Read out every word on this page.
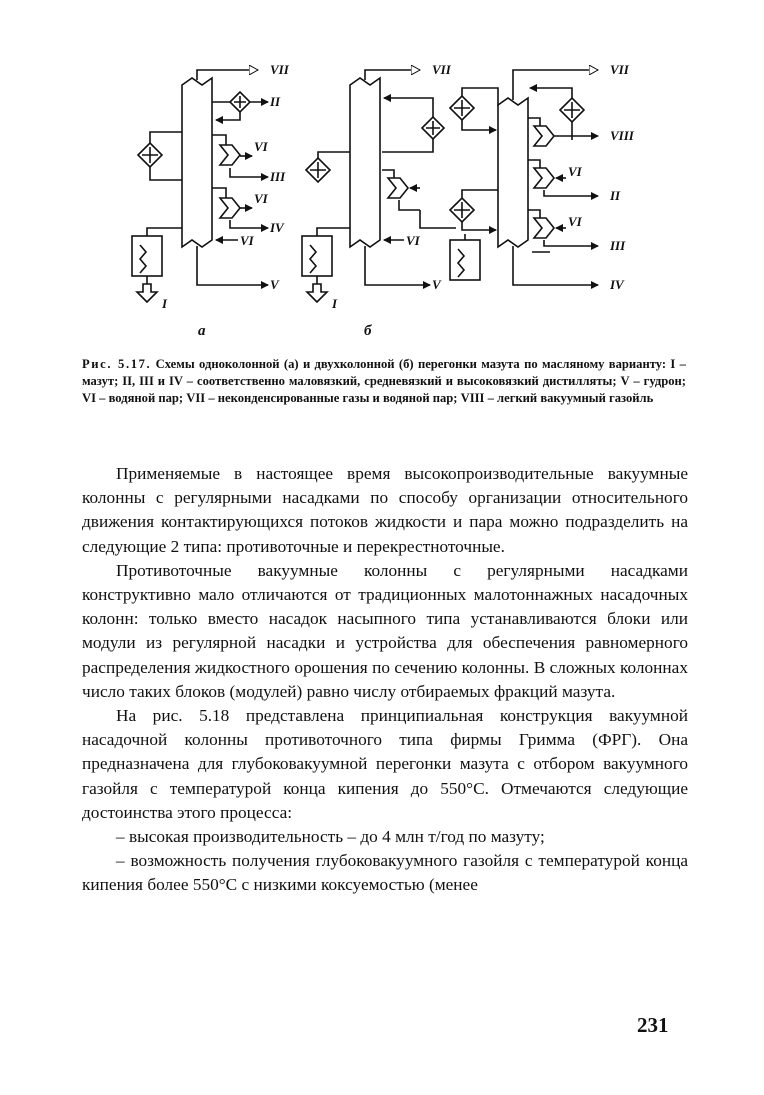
VII
II
VI
III
VI
IV
VI
V
I
а
VII
VI
V
I
б
VII
VIII
VI
II
VI
III
IV
Рис. 5.17. Схемы одноколонной (а) и двухколонной (б) перегонки мазута по масляному варианту: I – мазут; II, III и IV – соответственно маловязкий, средневязкий и высоковязкий дистилляты; V – гудрон; VI – водяной пар; VII – неконденсированные газы и водяной пар; VIII – легкий вакуумный газойль

Применяемые в настоящее время высокопроизводительные вакуумные колонны с регулярными насадками по способу организации относительного движения контактирующихся потоков жидкости и пара можно подразделить на следующие 2 типа: противоточные и перекрестноточные.

Противоточные вакуумные колонны с регулярными насадками конструктивно мало отличаются от традиционных малотоннажных насадочных колонн: только вместо насадок насыпного типа устанавливаются блоки или модули из регулярной насадки и устройства для обеспечения равномерного распределения жидкостного орошения по сечению колонны. В сложных колоннах число таких блоков (модулей) равно числу отбираемых фракций мазута.

На рис. 5.18 представлена принципиальная конструкция вакуумной насадочной колонны противоточного типа фирмы Гримма (ФРГ). Она предназначена для глубоковакуумной перегонки мазута с отбором вакуумного газойля с температурой конца кипения до 550°С. Отмечаются следующие достоинства этого процесса:

– высокая производительность – до 4 млн т/год по мазуту;

– возможность получения глубоковакуумного газойля с температурой конца кипения более 550°С с низкими коксуемостью (менее

231
